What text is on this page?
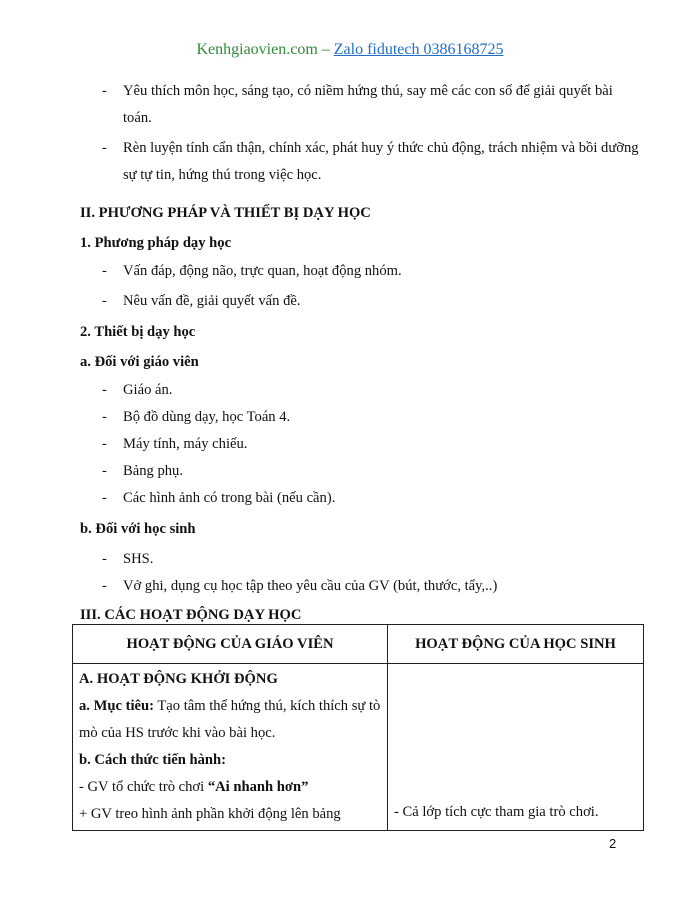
Kenhgiaovien.com – Zalo fidutech 0386168725
- Yêu thích môn học, sáng tạo, có niềm hứng thú, say mê các con số để giải quyết bài toán.
- Rèn luyện tính cẩn thận, chính xác, phát huy ý thức chủ động, trách nhiệm và bồi dưỡng sự tự tin, hứng thú trong việc học.
II. PHƯƠNG PHÁP VÀ THIẾT BỊ DẠY HỌC
1. Phương pháp dạy học
- Vấn đáp, động não, trực quan, hoạt động nhóm.
- Nêu vấn đề, giải quyết vấn đề.
2. Thiết bị dạy học
a. Đối với giáo viên
- Giáo án.
- Bộ đồ dùng dạy, học Toán 4.
- Máy tính, máy chiếu.
- Bảng phụ.
- Các hình ảnh có trong bài (nếu cần).
b. Đối với học sinh
- SHS.
- Vở ghi, dụng cụ học tập theo yêu cầu của GV (bút, thước, tẩy,..)
III. CÁC HOẠT ĐỘNG DẠY HỌC
HOẠT ĐỘNG CỦA GIÁO VIÊN	HOẠT ĐỘNG CỦA HỌC SINH

A. HOẠT ĐỘNG KHỞI ĐỘNG
a. Mục tiêu: Tạo tâm thế hứng thú, kích thích sự tò mò của HS trước khi vào bài học.
b. Cách thức tiến hành:
- GV tổ chức trò chơi “Ai nhanh hơn”
+ GV treo hình ảnh phần khởi động lên bảng	- Cả lớp tích cực tham gia trò chơi.
2
